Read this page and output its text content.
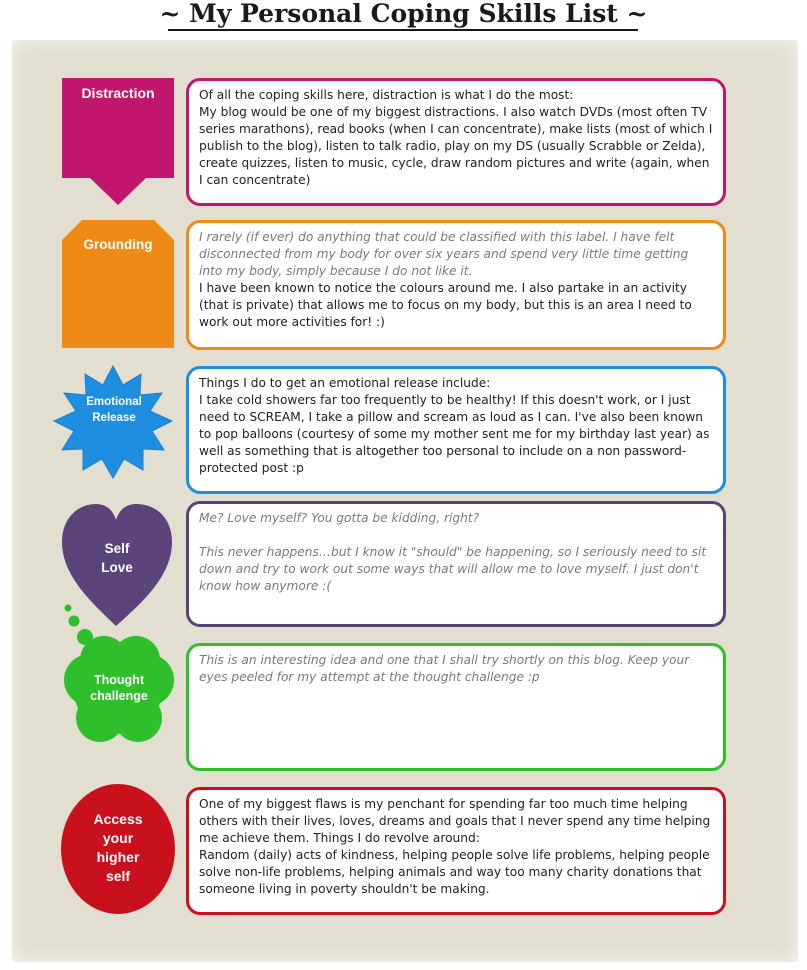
~ My Personal Coping Skills List ~
Distraction
Grounding
Emotional Release
Self Love
Thought challenge
Access your higher self

Of all the coping skills here, distraction is what I do the most:
My blog would be one of my biggest distractions. I also watch DVDs (most often TV series marathons), read books (when I can concentrate), make lists (most of which I publish to the blog), listen to talk radio, play on my DS (usually Scrabble or Zelda), create quizzes, listen to music, cycle, draw random pictures and write (again, when I can concentrate)

I rarely (if ever) do anything that could be classified with this label. I have felt disconnected from my body for over six years and spend very little time getting into my body, simply because I do not like it.

I have been known to notice the colours around me. I also partake in an activity (that is private) that allows me to focus on my body, but this is an area I need to work out more activities for! :)

Things I do to get an emotional release include:
I take cold showers far too frequently to be healthy! If this doesn't work, or I just need to SCREAM, I take a pillow and scream as loud as I can. I've also been known to pop balloons (courtesy of some my mother sent me for my birthday last year) as well as something that is altogether too personal to include on a non password-protected post :p

Me? Love myself? You gotta be kidding, right?

This never happens…but I know it "should" be happening, so I seriously need to sit down and try to work out some ways that will allow me to love myself. I just don't know how anymore :(

This is an interesting idea and one that I shall try shortly on this blog. Keep your eyes peeled for my attempt at the thought challenge :p

One of my biggest flaws is my penchant for spending far too much time helping others with their lives, loves, dreams and goals that I never spend any time helping me achieve them. Things I do revolve around:
Random (daily) acts of kindness, helping people solve life problems, helping people solve non-life problems, helping animals and way too many charity donations that someone living in poverty shouldn't be making.
